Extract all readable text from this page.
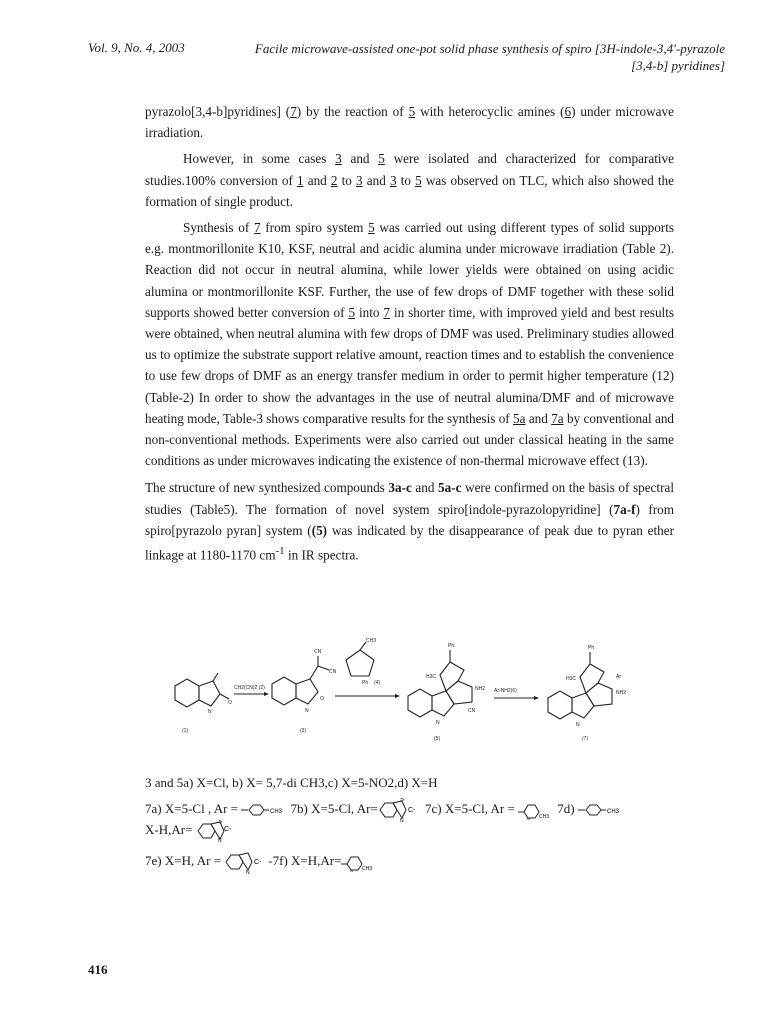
Vol. 9, No. 4, 2003	Facile microwave-assisted one-pot solid phase synthesis of spiro [3H-indole-3,4'-pyrazole
[3,4-b] pyridines]

pyrazolo[3,4-b]pyridines] (7) by the reaction of 5 with heterocyclic amines (6) under microwave irradiation.

However, in some cases 3 and 5 were isolated and characterized for comparative studies.100% conversion of 1 and 2 to 3 and 3 to 5 was observed on TLC, which also showed the formation of single product.

Synthesis of 7 from spiro system 5 was carried out using different types of solid supports e.g. montmorillonite K10, KSF, neutral and acidic alumina under microwave irradiation (Table 2). Reaction did not occur in neutral alumina, while lower yields were obtained on using acidic alumina or montmorillonite KSF. Further, the use of few drops of DMF together with these solid supports showed better conversion of 5 into 7 in shorter time, with improved yield and best results were obtained, when neutral alumina with few drops of DMF was used. Preliminary studies allowed us to optimize the substrate support relative amount, reaction times and to establish the convenience to use few drops of DMF as an energy transfer medium in order to permit higher temperature (12) (Table-2) In order to show the advantages in the use of neutral alumina/DMF and of microwave heating mode, Table-3 shows comparative results for the synthesis of 5a and 7a by conventional and non-conventional methods. Experiments were also carried out under classical heating in the same conditions as under microwaves indicating the existence of non-thermal microwave effect (13).

The structure of new synthesized compounds 3a-c and 5a-c were confirmed on the basis of spectral studies (Table5). The formation of novel system spiro[indole-pyrazolopyridine] (7a-f) from spiro[pyrazolo pyran] system ((5) was indicated by the disappearance of peak due to pyran ether linkage at 1180-1170 $cm^{-1}$ in IR spectra.

O
N
(1)
CH2(CN)2 (2)
CN
CN
O
N
(3)
CH3
Ph (4)
Ph
H3C
NH2
CN
N
(5)
Ar-NH2(6)
Ph
H3C	Ar
NH2
N
(7)
3 and 5a) X=Cl, b) X= 5,7-di CH3,c) X=5-NO2,d) X=H
7a) X=5-Cl , Ar =	CH3 7b) X=5-Cl, Ar=
S
N
C- 7c) X=5-Cl, Ar =
N CH3
7d)	CH3
X-H,Ar=	S
N
C-
7e) X=H, Ar =
N
C- -7f) X=H,Ar=
N CH3
416
